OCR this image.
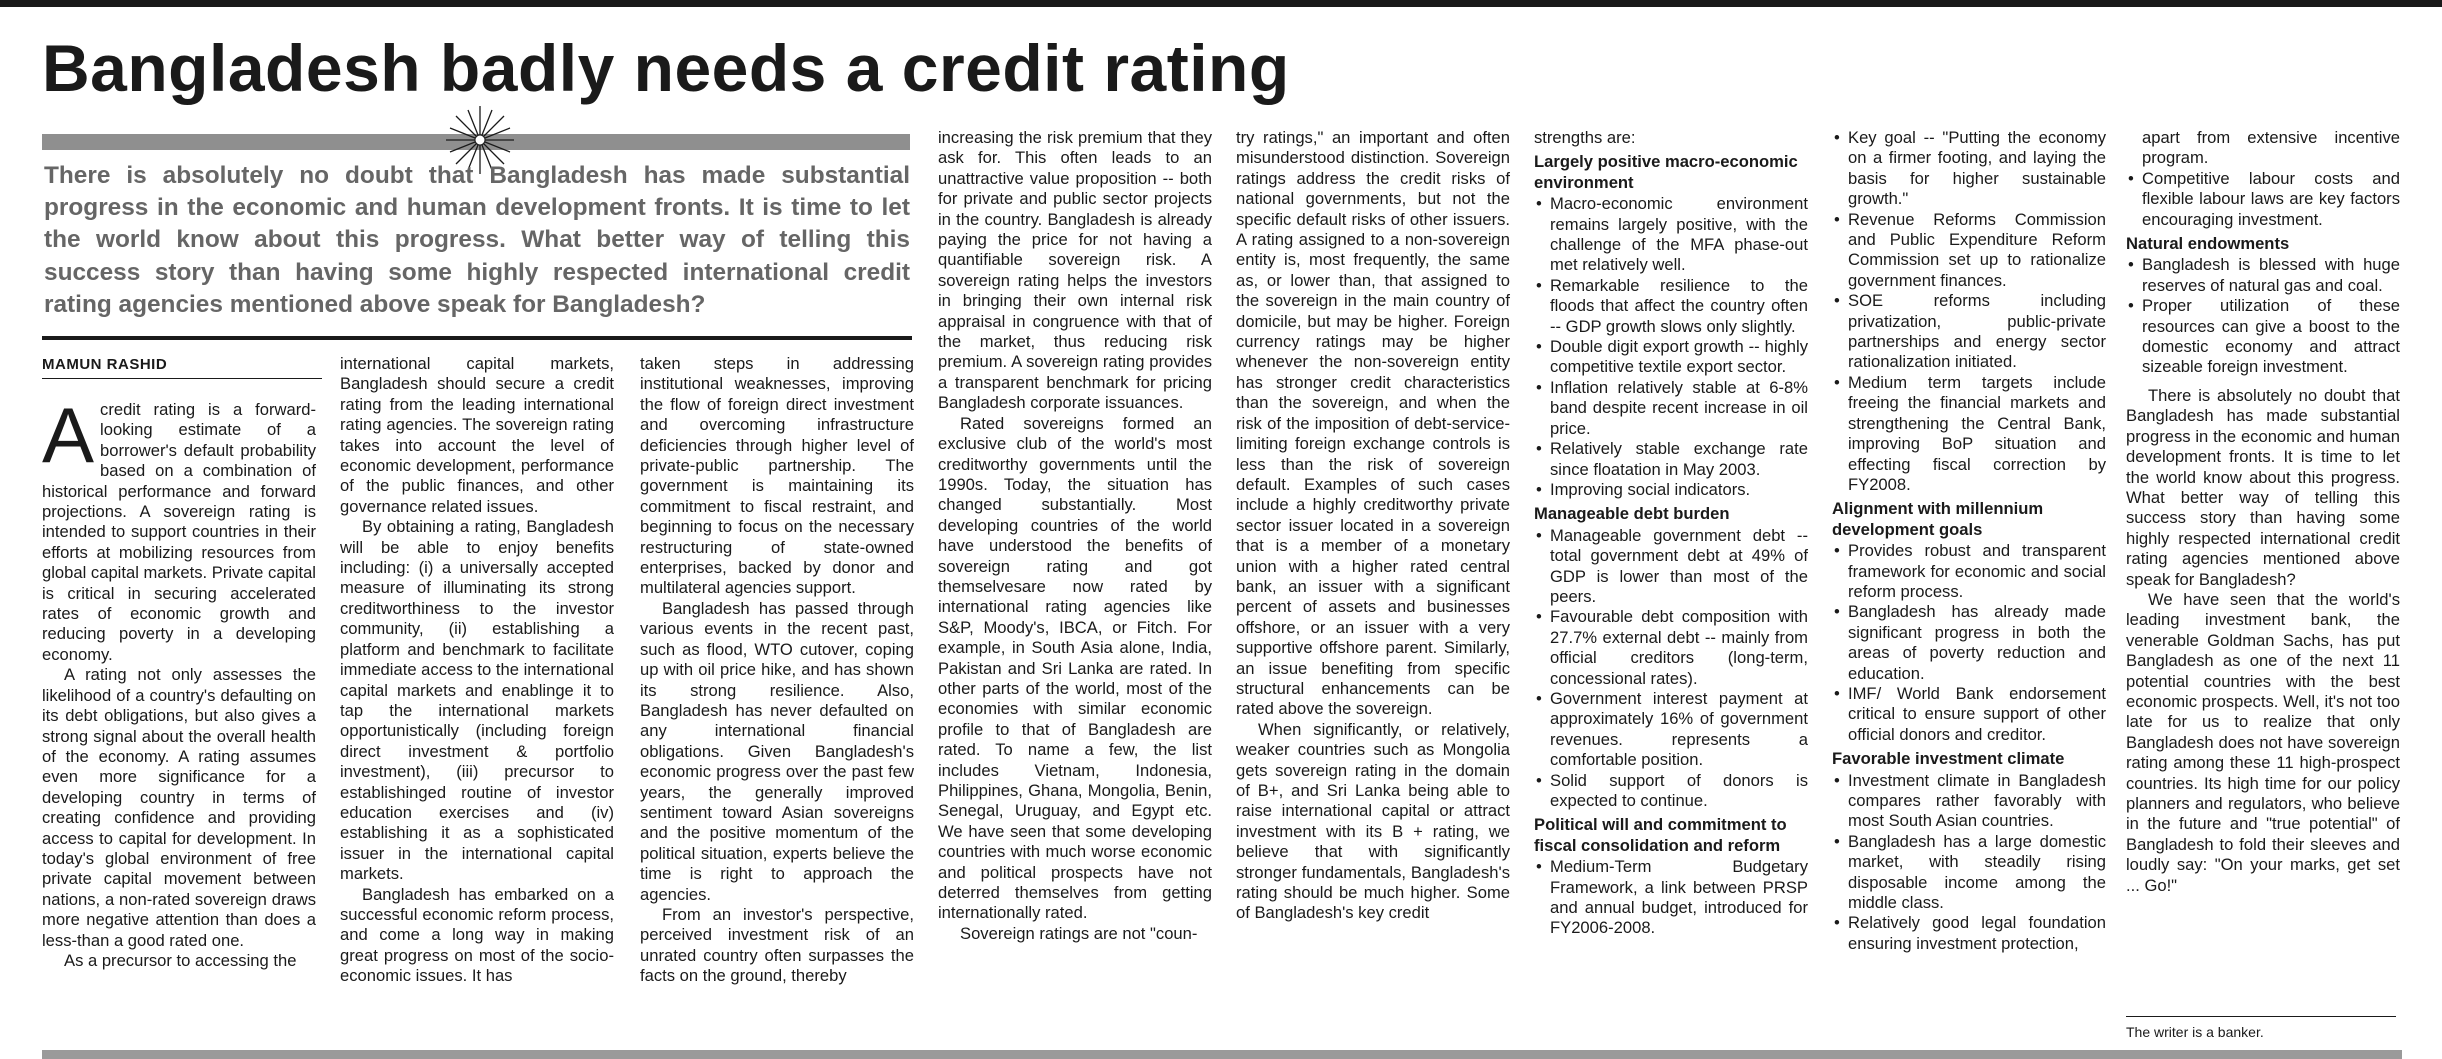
Bangladesh badly needs a credit rating

There is absolutely no doubt that Bangladesh has made substantial progress in the economic and human development fronts. It is time to let the world know about this progress. What better way of telling this success story than having some highly respected international credit rating agencies mentioned above speak for Bangladesh?

MAMUN RASHID

Acredit rating is a forward-looking estimate of a borrower's default probability based on a combination of historical performance and forward projections. A sovereign rating is intended to support countries in their efforts at mobilizing resources from global capital markets. Private capital is critical in securing accelerated rates of economic growth and reducing poverty in a developing economy.

A rating not only assesses the likelihood of a country's defaulting on its debt obligations, but also gives a strong signal about the overall health of the economy. A rating assumes even more significance for a developing country in terms of creating confidence and providing access to capital for development. In today's global environment of free private capital movement between nations, a non-rated sovereign draws more negative attention than does a less-than a good rated one.

As a precursor to accessing the

international capital markets, Bangladesh should secure a credit rating from the leading international rating agencies. The sovereign rating takes into account the level of economic development, performance of the public finances, and other governance related issues.

By obtaining a rating, Bangladesh will be able to enjoy benefits including: (i) a universally accepted measure of illuminating its strong creditworthiness to the investor community, (ii) establishing a platform and benchmark to facilitate immediate access to the international capital markets and enablinge it to tap the international markets opportunistically (including foreign direct investment & portfolio investment), (iii) precursor to establishinged routine of investor education exercises and (iv) establishing it as a sophisticated issuer in the international capital markets.

Bangladesh has embarked on a successful economic reform process, and come a long way in making great progress on most of the socio-economic issues. It has

taken steps in addressing institutional weaknesses, improving the flow of foreign direct investment and overcoming infrastructure deficiencies through higher level of private-public partnership. The government is maintaining its commitment to fiscal restraint, and beginning to focus on the necessary restructuring of state-owned enterprises, backed by donor and multilateral agencies support.

Bangladesh has passed through various events in the recent past, such as flood, WTO cutover, coping up with oil price hike, and has shown its strong resilience. Also, Bangladesh has never defaulted on any international financial obligations. Given Bangladesh's economic progress over the past few years, the generally improved sentiment toward Asian sovereigns and the positive momentum of the political situation, experts believe the time is right to approach the agencies.

From an investor's perspective, perceived investment risk of an unrated country often surpasses the facts on the ground, thereby

increasing the risk premium that they ask for. This often leads to an unattractive value proposition -- both for private and public sector projects in the country. Bangladesh is already paying the price for not having a quantifiable sovereign risk. A sovereign rating helps the investors in bringing their own internal risk appraisal in congruence with that of the market, thus reducing risk premium. A sovereign rating provides a transparent benchmark for pricing Bangladesh corporate issuances.

Rated sovereigns formed an exclusive club of the world's most creditworthy governments until the 1990s. Today, the situation has changed substantially. Most developing countries of the world have understood the benefits of sovereign rating and got themselvesare now rated by international rating agencies like S&P, Moody's, IBCA, or Fitch. For example, in South Asia alone, India, Pakistan and Sri Lanka are rated. In other parts of the world, most of the economies with similar economic profile to that of Bangladesh are rated. To name a few, the list includes Vietnam, Indonesia, Philippines, Ghana, Mongolia, Benin, Senegal, Uruguay, and Egypt etc. We have seen that some developing countries with much worse economic and political prospects have not deterred themselves from getting internationally rated.

Sovereign ratings are not "coun-

try ratings," an important and often misunderstood distinction. Sovereign ratings address the credit risks of national governments, but not the specific default risks of other issuers. A rating assigned to a non-sovereign entity is, most frequently, the same as, or lower than, that assigned to the sovereign in the main country of domicile, but may be higher. Foreign currency ratings may be higher whenever the non-sovereign entity has stronger credit characteristics than the sovereign, and when the risk of the imposition of debt-service-limiting foreign exchange controls is less than the risk of sovereign default. Examples of such cases include a highly creditworthy private sector issuer located in a sovereign that is a member of a monetary union with a higher rated central bank, an issuer with a significant percent of assets and businesses offshore, or an issuer with a very supportive offshore parent. Similarly, an issue benefiting from specific structural enhancements can be rated above the sovereign.

When significantly, or relatively, weaker countries such as Mongolia gets sovereign rating in the domain of B+, and Sri Lanka being able to raise international capital or attract investment with its B + rating, we believe that with significantly stronger fundamentals, Bangladesh's rating should be much higher. Some of Bangladesh's key credit

strengths are:

Largely positive macro-economic environment
• Macro-economic environment remains largely positive, with the challenge of the MFA phase-out met relatively well.
• Remarkable resilience to the floods that affect the country often -- GDP growth slows only slightly.
• Double digit export growth -- highly competitive textile export sector.
• Inflation relatively stable at 6-8% band despite recent increase in oil price.
• Relatively stable exchange rate since floatation in May 2003.
• Improving social indicators.
Manageable debt burden
• Manageable government debt -- total government debt at 49% of GDP is lower than most of the peers.
• Favourable debt composition with 27.7% external debt -- mainly from official creditors (long-term, concessional rates).
• Government interest payment at approximately 16% of government revenues. represents a comfortable position.
• Solid support of donors is expected to continue.
Political will and commitment to fiscal consolidation and reform
• Medium-Term Budgetary Framework, a link between PRSP and annual budget, introduced for FY2006-2008.
• Key goal -- "Putting the economy on a firmer footing, and laying the basis for higher sustainable growth."
• Revenue Reforms Commission and Public Expenditure Reform Commission set up to rationalize government finances.
• SOE reforms including privatization, public-private partnerships and energy sector rationalization initiated.
• Medium term targets include freeing the financial markets and strengthening the Central Bank, improving BoP situation and effecting fiscal correction by FY2008.
Alignment with millennium development goals
• Provides robust and transparent framework for economic and social reform process.
• Bangladesh has already made significant progress in both the areas of poverty reduction and education.
• IMF/ World Bank endorsement critical to ensure support of other official donors and creditor.
Favorable investment climate
• Investment climate in Bangladesh compares rather favorably with most South Asian countries.
• Bangladesh has a large domestic market, with steadily rising disposable income among the middle class.
• Relatively good legal foundation ensuring investment protection,

apart from extensive incentive program.

• Competitive labour costs and flexible labour laws are key factors encouraging investment.
Natural endowments
• Bangladesh is blessed with huge reserves of natural gas and coal.
• Proper utilization of these resources can give a boost to the domestic economy and attract sizeable foreign investment.

There is absolutely no doubt that Bangladesh has made substantial progress in the economic and human development fronts. It is time to let the world know about this progress. What better way of telling this success story than having some highly respected international credit rating agencies mentioned above speak for Bangladesh?

We have seen that the world's leading investment bank, the venerable Goldman Sachs, has put Bangladesh as one of the next 11 potential countries with the best economic prospects. Well, it's not too late for us to realize that only Bangladesh does not have sovereign rating among these 11 high-prospect countries. Its high time for our policy planners and regulators, who believe in the future and "true potential" of Bangladesh to fold their sleeves and loudly say: "On your marks, get set ... Go!"

The writer is a banker.
